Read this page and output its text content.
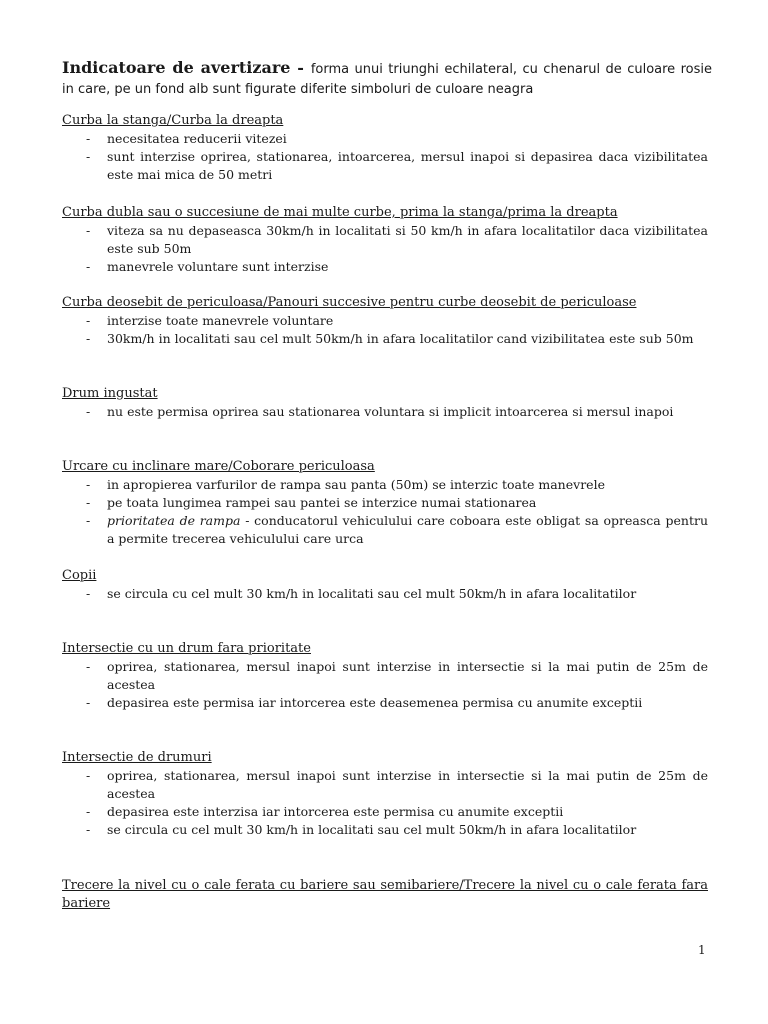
Indicatoare de avertizare - forma unui triunghi echilateral, cu chenarul de culoare rosie in care, pe un fond alb sunt figurate diferite simboluri de culoare neagra
Curba la stanga/Curba la dreapta
- necesitatea reducerii vitezei
- sunt interzise oprirea, stationarea, intoarcerea, mersul inapoi si depasirea daca vizibilitatea este mai mica de 50 metri
Curba dubla sau o succesiune de mai multe curbe, prima la stanga/prima la dreapta
- viteza sa nu depaseasca 30km/h in localitati si 50 km/h in afara localitatilor daca vizibilitatea este sub 50m
- manevrele voluntare sunt interzise
Curba deosebit de periculoasa/Panouri succesive pentru curbe deosebit de periculoase
- interzise toate manevrele voluntare
- 30km/h in localitati sau cel mult 50km/h in afara localitatilor cand vizibilitatea este sub 50m
Drum ingustat
- nu este permisa oprirea sau stationarea voluntara si implicit intoarcerea si mersul inapoi
Urcare cu inclinare mare/Coborare periculoasa
- in apropierea varfurilor de rampa sau panta (50m) se interzic toate manevrele
- pe toata lungimea rampei sau pantei se interzice numai stationarea
- prioritatea de rampa - conducatorul vehiculului care coboara este obligat sa opreasca pentru a permite trecerea vehiculului care urca
Copii
- se circula cu cel mult 30 km/h in localitati sau cel mult 50km/h in afara localitatilor
Intersectie cu un drum fara prioritate
- oprirea, stationarea, mersul inapoi sunt interzise in intersectie si la mai putin de 25m de acestea
- depasirea este permisa iar intorcerea este deasemenea permisa cu anumite exceptii
Intersectie de drumuri
- oprirea, stationarea, mersul inapoi sunt interzise in intersectie si la mai putin de 25m de acestea
- depasirea este interzisa iar intorcerea este permisa cu anumite exceptii
- se circula cu cel mult 30 km/h in localitati sau cel mult 50km/h in afara localitatilor
Trecere la nivel cu o cale ferata cu bariere sau semibariere/Trecere la nivel cu o cale ferata fara bariere
1
